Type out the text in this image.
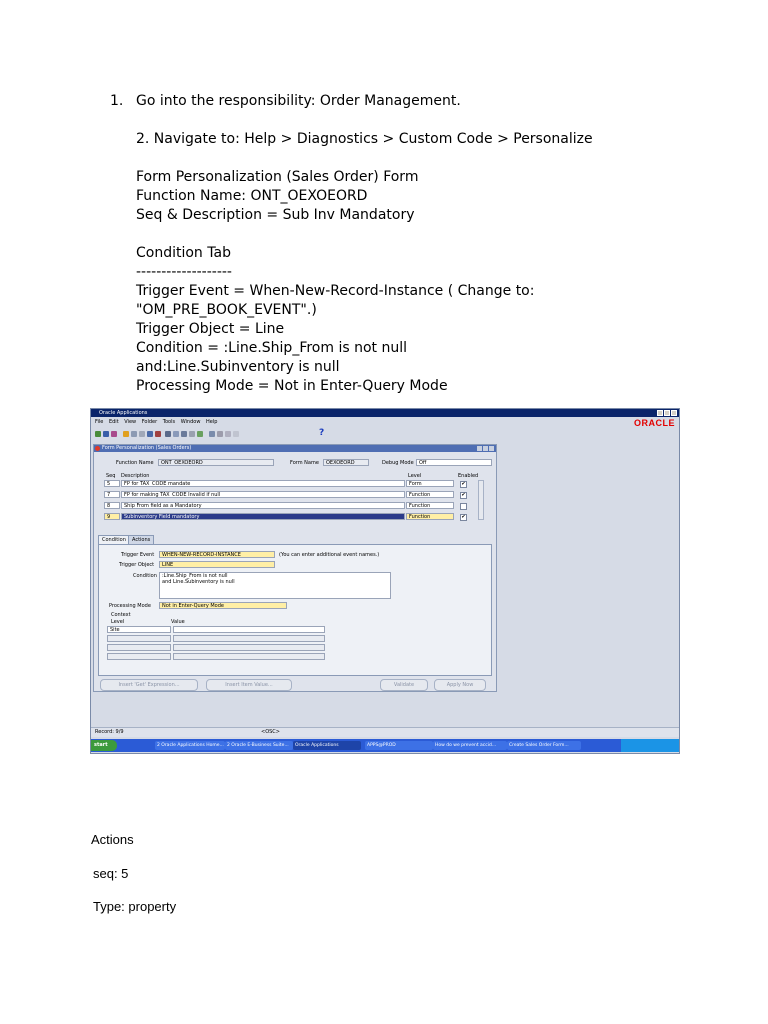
1. Go into the responsibility: Order Management.
2. Navigate to: Help > Diagnostics > Custom Code > Personalize
Form Personalization (Sales Order) Form
Function Name: ONT_OEXOEORD
Seq & Description = Sub Inv Mandatory
Condition Tab
-------------------
Trigger Event = When-New-Record-Instance ( Change to:
"OM_PRE_BOOK_EVENT".)
Trigger Object = Line
Condition = :Line.Ship_From is not null
and:Line.Subinventory is null
Processing Mode = Not in Enter-Query Mode
Oracle Applications
File Edit View Folder Tools Window Help	ORACLE
?
Form Personalization (Sales Orders)
Function Name	ONT_OEXOEORD	Form Name	OEXOEORD	Debug Mode	Off
Seq Description	Level	Enabled
5	FP for TAX_CODE mandate	Form	✔
7	FP for making TAX_CODE Invalid if null	Function	✔
8	Ship From field as a Mandatory	Function
9	Subinventory Field mandatory	Function	✔
Condition	Actions
Trigger Event	WHEN-NEW-RECORD-INSTANCE	(You can enter additional event names.)
Trigger Object	LINE
Condition :Line.Ship_From is not null
and Line.Subinventory is null
Processing Mode	Not in Enter-Query Mode
Context
Level	Value
Site
Insert 'Get' Expression...	Insert Item Value...	Validate	Apply Now
Record: 9/9	<OSC>
start	2 Oracle Applications Home... 2 Oracle E-Business Suite...	Oracle Applications	APPS@PROD	How do we prevent accid...	Create Sales Order Form...
Actions
seq: 5
Type: property
